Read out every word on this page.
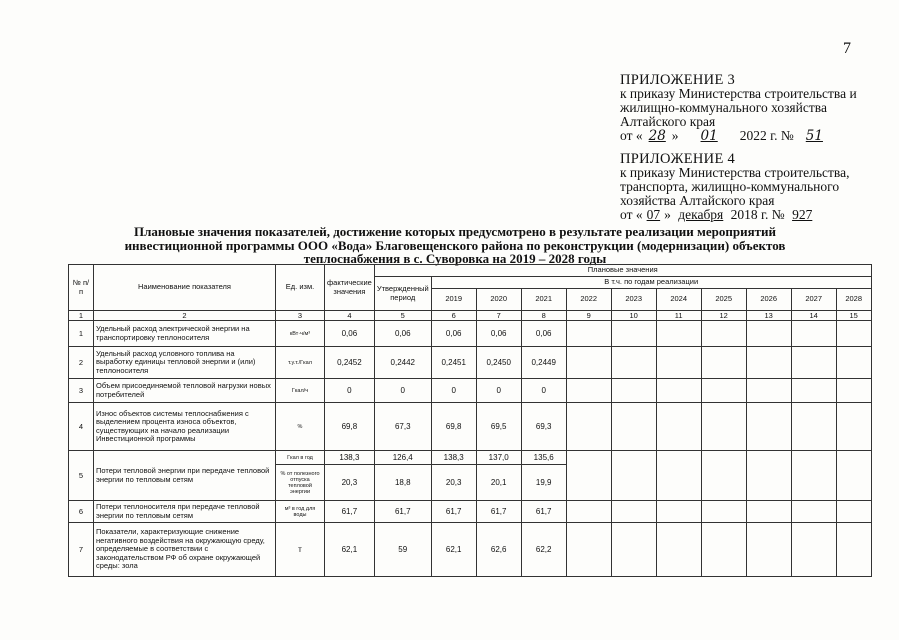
7
ПРИЛОЖЕНИЕ 3
к приказу Министерства строительства и
жилищно-коммунального хозяйства
Алтайского края
от « 28 » 01 2022 г. № 51
ПРИЛОЖЕНИЕ 4
к приказу Министерства строительства,
транспорта, жилищно-коммунального
хозяйства Алтайского края
от « 07 » декабря 2018 г. № 927
Плановые значения показателей, достижение которых предусмотрено в результате реализации мероприятий инвестиционной программы ООО «Вода» Благовещенского района по реконструкции (модернизации) объектов теплоснабжения в с. Суворовка на 2019 – 2028 годы
№ п/п	Наименование показателя	Ед. изм.	фактические значения	Плановые значения										
				Утвержденный период	В т.ч. по годам реализации									
					2019	2020	2021	2022	2023	2024	2025	2026	2027	2028
1	2	3	4	5	6	7	8	9	10	11	12	13	14	15
1	Удельный расход электрической энергии на транспортировку теплоносителя	кВт·ч/м³	0,06	0,06	0,06	0,06	0,06							
2	Удельный расход условного топлива на выработку единицы тепловой энергии и (или) теплоносителя	т.у.т./Гкал	0,2452	0,2442	0,2451	0,2450	0,2449							
3	Объем присоединяемой тепловой нагрузки новых потребителей	Гкал/ч	0	0	0	0	0							
4	Износ объектов системы теплоснабжения с выделением процента износа объектов, существующих на начало реализации Инвестиционной программы	%	69,8	67,3	69,8	69,5	69,3							
5	Потери тепловой энергии при передаче тепловой энергии по тепловым сетям	Гкал в год	138,3	126,4	138,3	137,0	135,6							
		% от полезного отпуска тепловой энергии	20,3	18,8	20,3	20,1	19,9							
6	Потери теплоносителя при передаче тепловой энергии по тепловым сетям	м³ в год для воды	61,7	61,7	61,7	61,7	61,7							
7	Показатели, характеризующие снижение негативного воздействия на окружающую среду, определяемые в соответствии с законодательством РФ об охране окружающей среды: зола	т	62,1	59	62,1	62,6	62,2							
